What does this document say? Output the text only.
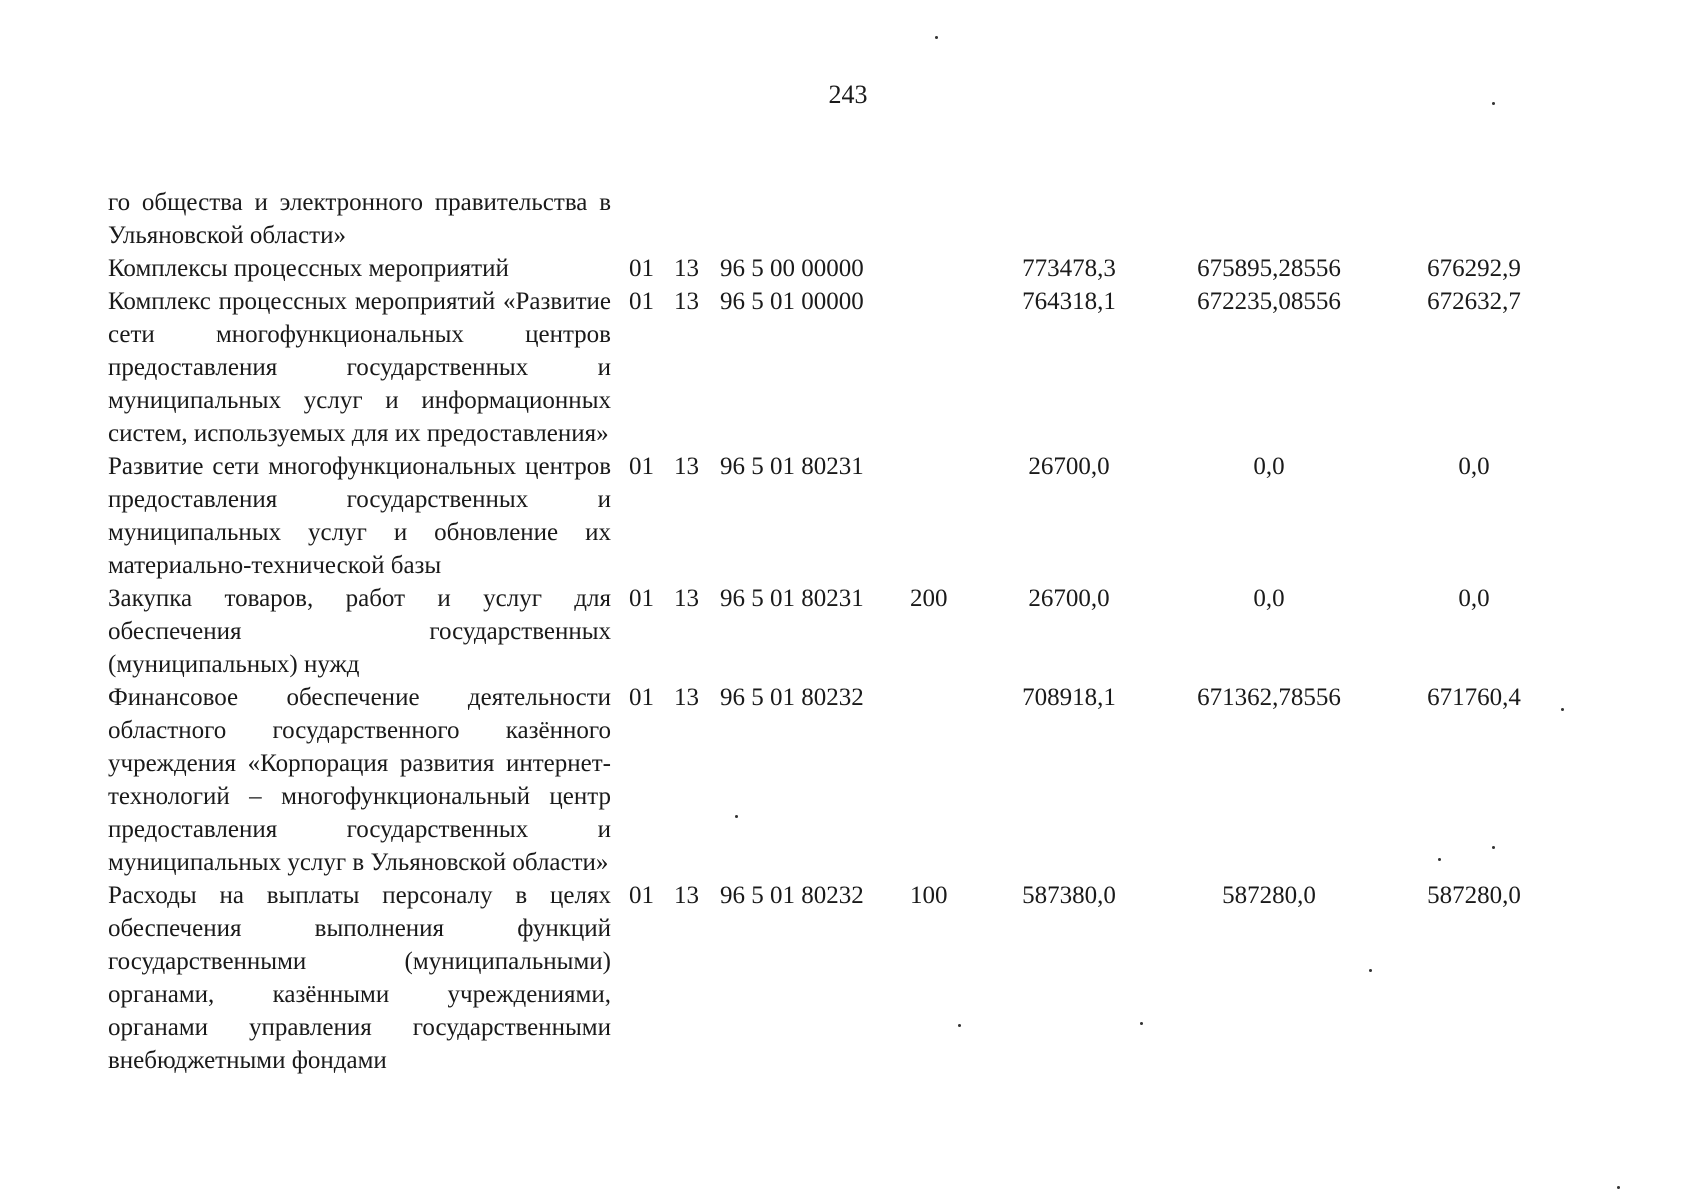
243
го общества и электронного правительства в Ульяновской области»							
Комплексы процессных мероприятий	01	13	96 5 00 00000		773478,3	675895,28556	676292,9
Комплекс процессных мероприятий «Развитие сети многофункциональных центров предоставления государственных и муниципальных услуг и информационных систем, используемых для их предоставления»	01	13	96 5 01 00000		764318,1	672235,08556	672632,7
Развитие сети многофункциональных центров предоставления государственных и муниципальных услуг и обновление их материально-технической базы	01	13	96 5 01 80231		26700,0	0,0	0,0
Закупка товаров, работ и услуг для обеспечения государственных (муниципальных) нужд	01	13	96 5 01 80231	200	26700,0	0,0	0,0
Финансовое обеспечение деятельности областного государственного казённого учреждения «Корпорация развития интернет-технологий – многофункциональный центр предоставления государственных и муниципальных услуг в Ульяновской области»	01	13	96 5 01 80232		708918,1	671362,78556	671760,4
Расходы на выплаты персоналу в целях обеспечения выполнения функций государственными (муниципальными) органами, казёнными учреждениями, органами управления государственными внебюджетными фондами	01	13	96 5 01 80232	100	587380,0	587280,0	587280,0
